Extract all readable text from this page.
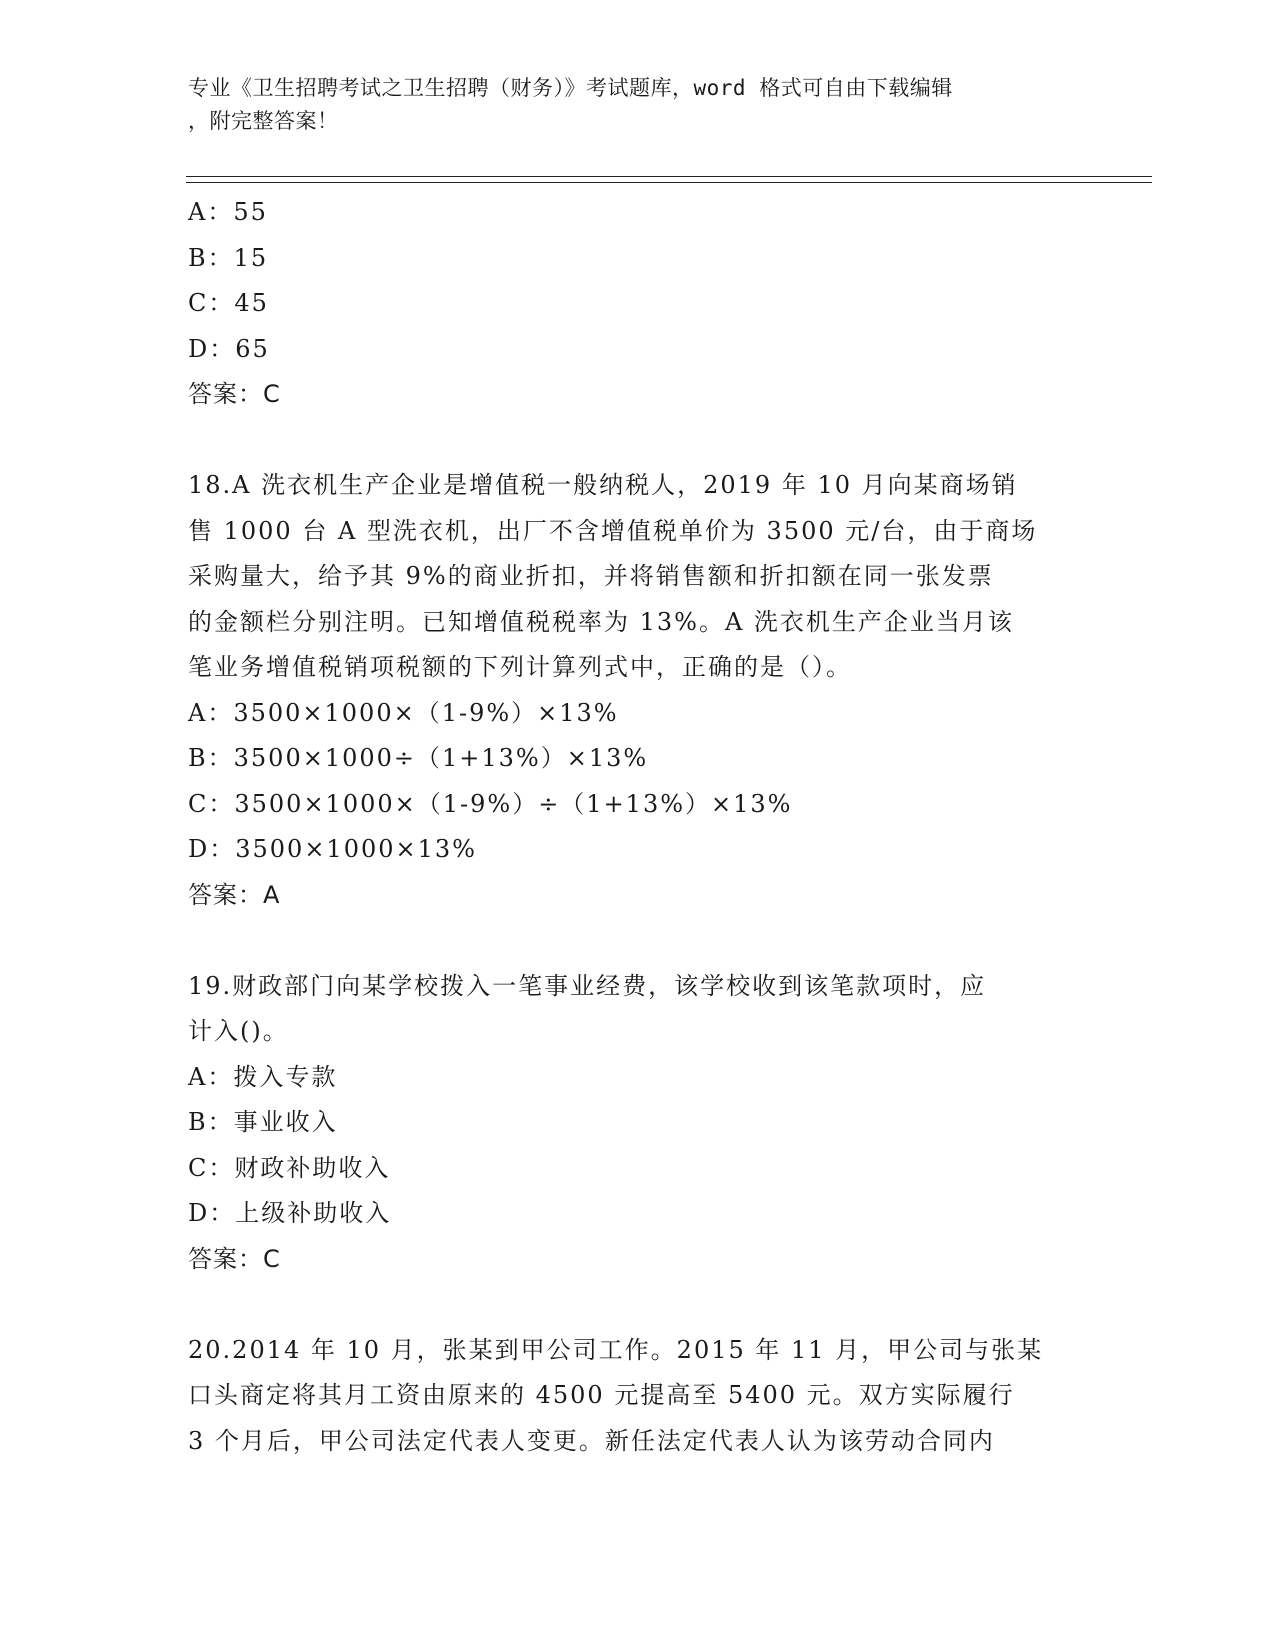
专业《卫生招聘考试之卫生招聘（财务）》考试题库，word 格式可自由下载编辑
，附完整答案！
A：55
B：15
C：45
D：65
答案：C
18.A 洗衣机生产企业是增值税一般纳税人，2019 年 10 月向某商场销
售 1000 台 A 型洗衣机，出厂不含增值税单价为 3500 元/台，由于商场
采购量大，给予其 9%的商业折扣，并将销售额和折扣额在同一张发票
的金额栏分别注明。已知增值税税率为 13%。A 洗衣机生产企业当月该
笔业务增值税销项税额的下列计算列式中，正确的是（）。
A：3500×1000×（1-9%）×13%
B：3500×1000÷（1+13%）×13%
C：3500×1000×（1-9%）÷（1+13%）×13%
D：3500×1000×13%
答案：A
19.财政部门向某学校拨入一笔事业经费，该学校收到该笔款项时，应
计入()。
A：拨入专款
B：事业收入
C：财政补助收入
D：上级补助收入
答案：C
20.2014 年 10 月，张某到甲公司工作。2015 年 11 月，甲公司与张某
口头商定将其月工资由原来的 4500 元提高至 5400 元。双方实际履行
3 个月后，甲公司法定代表人变更。新任法定代表人认为该劳动合同内
